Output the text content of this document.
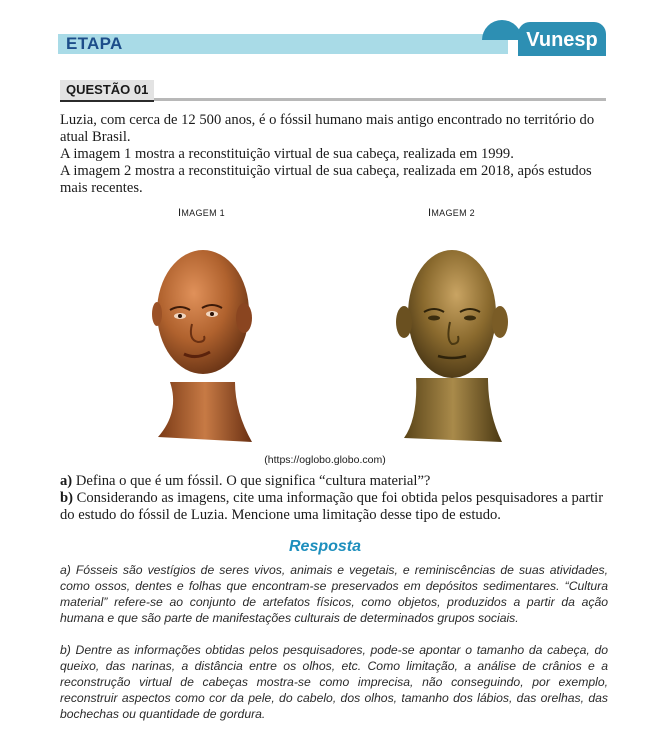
ETAPA	Vunesp
QUESTÃO 01

Luzia, com cerca de 12 500 anos, é o fóssil humano mais antigo encontrado no território do atual Brasil.

A imagem 1 mostra a reconstituição virtual de sua cabeça, realizada em 1999.

A imagem 2 mostra a reconstituição virtual de sua cabeça, realizada em 2018, após estudos mais recentes.

IMAGEM 1	IMAGEM 2
(https://oglobo.globo.com)

a) Defina o que é um fóssil. O que significa “cultura material”?

b) Considerando as imagens, cite uma informação que foi obtida pelos pesquisadores a partir do estudo do fóssil de Luzia. Mencione uma limitação desse tipo de estudo.

Resposta

a) Fósseis são vestígios de seres vivos, animais e vegetais, e reminiscências de suas atividades, como ossos, dentes e folhas que encontram-se preservados em depósitos sedimentares. “Cultura material” refere-se ao conjunto de artefatos físicos, como objetos, produzidos a partir da ação humana e que são parte de manifestações culturais de determinados grupos sociais.

b) Dentre as informações obtidas pelos pesquisadores, pode-se apontar o tamanho da cabeça, do queixo, das narinas, a distância entre os olhos, etc. Como limitação, a análise de crânios e a reconstrução virtual de cabeças mostra-se como imprecisa, não conseguindo, por exemplo, reconstruir aspectos como cor da pele, do cabelo, dos olhos, tamanho dos lábios, das orelhas, das bochechas ou quantidade de gordura.
